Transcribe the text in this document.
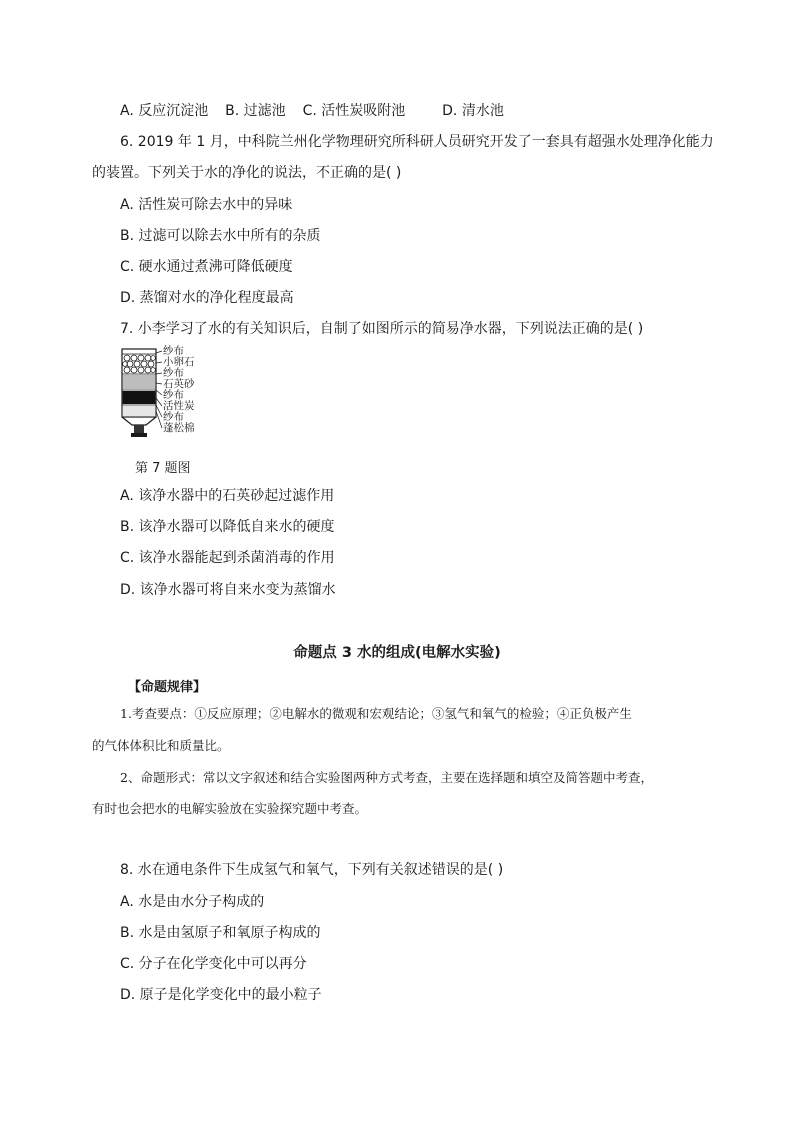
A. 反应沉淀池 B. 过滤池 C. 活性炭吸附池	D. 清水池
6. 2019 年 1 月，中科院兰州化学物理研究所科研人员研究开发了一套具有超强水处理净化能力
的装置。下列关于水的净化的说法，不正确的是( )
A. 活性炭可除去水中的异味
B. 过滤可以除去水中所有的杂质
C. 硬水通过煮沸可降低硬度
D. 蒸馏对水的净化程度最高
7. 小李学习了水的有关知识后，自制了如图所示的简易净水器，下列说法正确的是( )
纱布
小卵石
纱布
石英砂
纱布
活性炭
纱布
蓬松棉
第 7 题图
A. 该净水器中的石英砂起过滤作用
B. 该净水器可以降低自来水的硬度
C. 该净水器能起到杀菌消毒的作用
D. 该净水器可将自来水变为蒸馏水
命题点 3 水的组成(电解水实验)
【命题规律】
1.考查要点：①反应原理；②电解水的微观和宏观结论；③氢气和氧气的检验；④正负极产生
的气体体积比和质量比。
2、命题形式：常以文字叙述和结合实验图两种方式考查，主要在选择题和填空及简答题中考查，
有时也会把水的电解实验放在实验探究题中考查。
8. 水在通电条件下生成氢气和氧气，下列有关叙述错误的是( )
A. 水是由水分子构成的
B. 水是由氢原子和氧原子构成的
C. 分子在化学变化中可以再分
D. 原子是化学变化中的最小粒子
